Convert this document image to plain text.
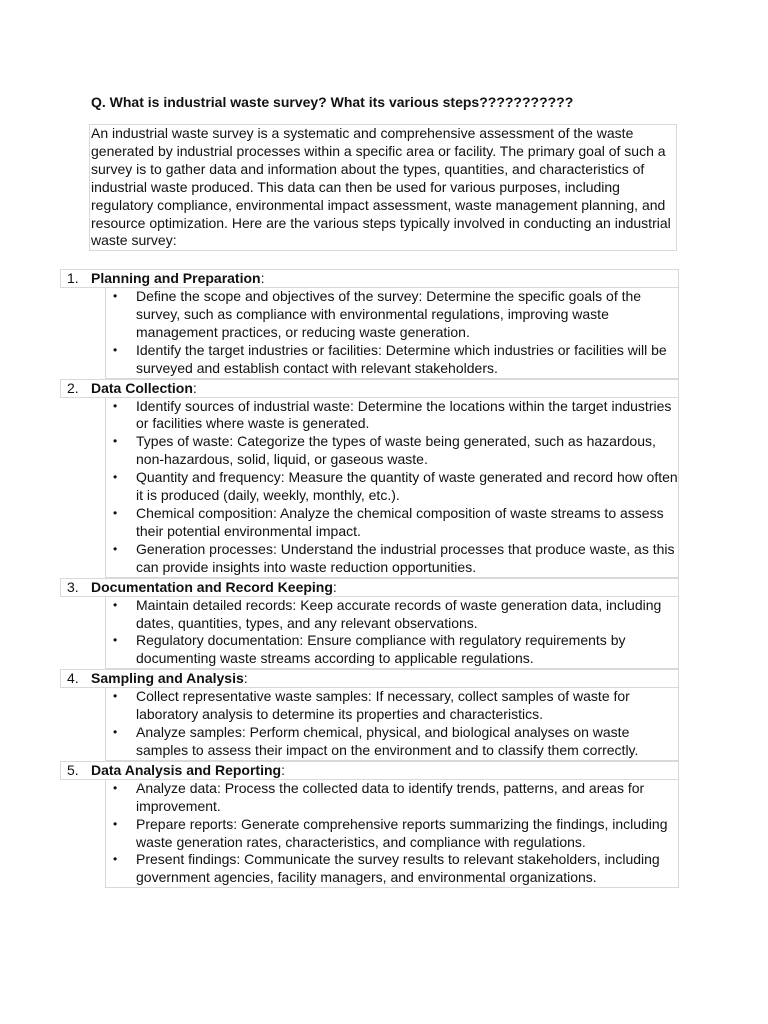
Q. What is industrial waste survey? What its various steps???????????
An industrial waste survey is a systematic and comprehensive assessment of the waste generated by industrial processes within a specific area or facility. The primary goal of such a survey is to gather data and information about the types, quantities, and characteristics of industrial waste produced. This data can then be used for various purposes, including regulatory compliance, environmental impact assessment, waste management planning, and resource optimization. Here are the various steps typically involved in conducting an industrial waste survey:
1. Planning and Preparation:
• Define the scope and objectives of the survey: Determine the specific goals of the survey, such as compliance with environmental regulations, improving waste management practices, or reducing waste generation.
• Identify the target industries or facilities: Determine which industries or facilities will be surveyed and establish contact with relevant stakeholders.
2. Data Collection:
• Identify sources of industrial waste: Determine the locations within the target industries or facilities where waste is generated.
• Types of waste: Categorize the types of waste being generated, such as hazardous, non-hazardous, solid, liquid, or gaseous waste.
• Quantity and frequency: Measure the quantity of waste generated and record how often it is produced (daily, weekly, monthly, etc.).
• Chemical composition: Analyze the chemical composition of waste streams to assess their potential environmental impact.
• Generation processes: Understand the industrial processes that produce waste, as this can provide insights into waste reduction opportunities.
3. Documentation and Record Keeping:
• Maintain detailed records: Keep accurate records of waste generation data, including dates, quantities, types, and any relevant observations.
• Regulatory documentation: Ensure compliance with regulatory requirements by documenting waste streams according to applicable regulations.
4. Sampling and Analysis:
• Collect representative waste samples: If necessary, collect samples of waste for laboratory analysis to determine its properties and characteristics.
• Analyze samples: Perform chemical, physical, and biological analyses on waste samples to assess their impact on the environment and to classify them correctly.
5. Data Analysis and Reporting:
• Analyze data: Process the collected data to identify trends, patterns, and areas for improvement.
• Prepare reports: Generate comprehensive reports summarizing the findings, including waste generation rates, characteristics, and compliance with regulations.
• Present findings: Communicate the survey results to relevant stakeholders, including government agencies, facility managers, and environmental organizations.
